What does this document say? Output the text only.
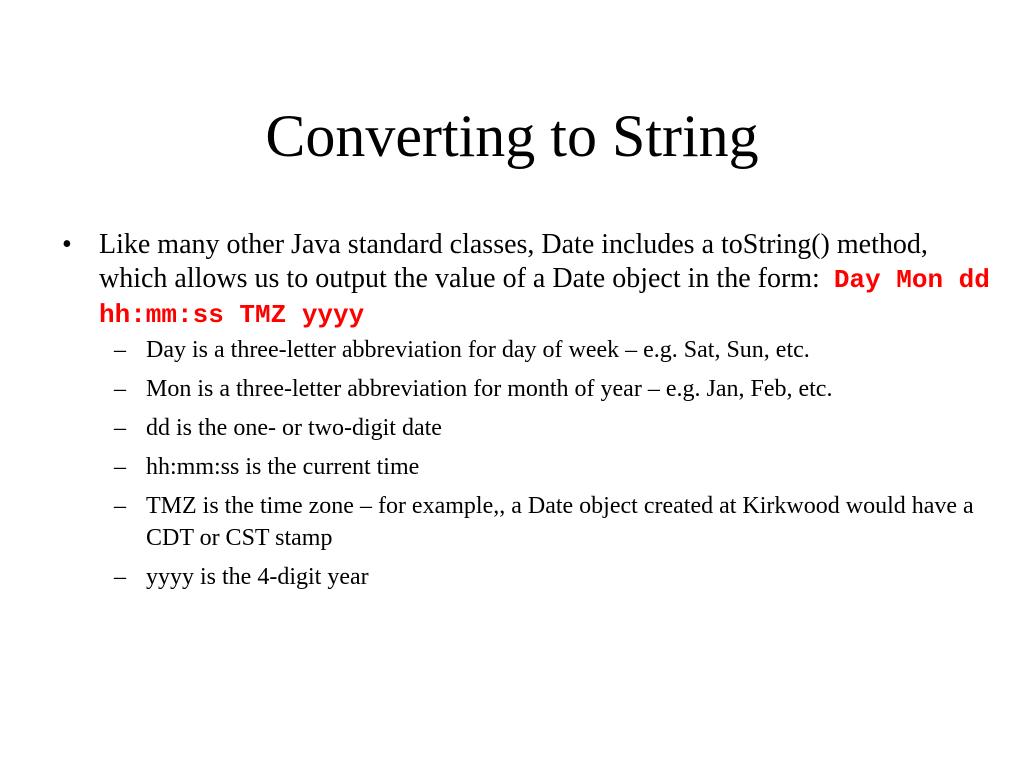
Converting to String

• Like many other Java standard classes, Date includes a toString() method, which allows us to output the value of a Date object in the form: Day Mon dd hh:mm:ss TMZ yyyy

– Day is a three-letter abbreviation for day of week – e.g. Sat, Sun, etc.
– Mon is a three-letter abbreviation for month of year – e.g. Jan, Feb, etc.
– dd is the one- or two-digit date
– hh:mm:ss is the current time
– TMZ is the time zone – for example,, a Date object created at Kirkwood would have a CDT or CST stamp
– yyyy is the 4-digit year
